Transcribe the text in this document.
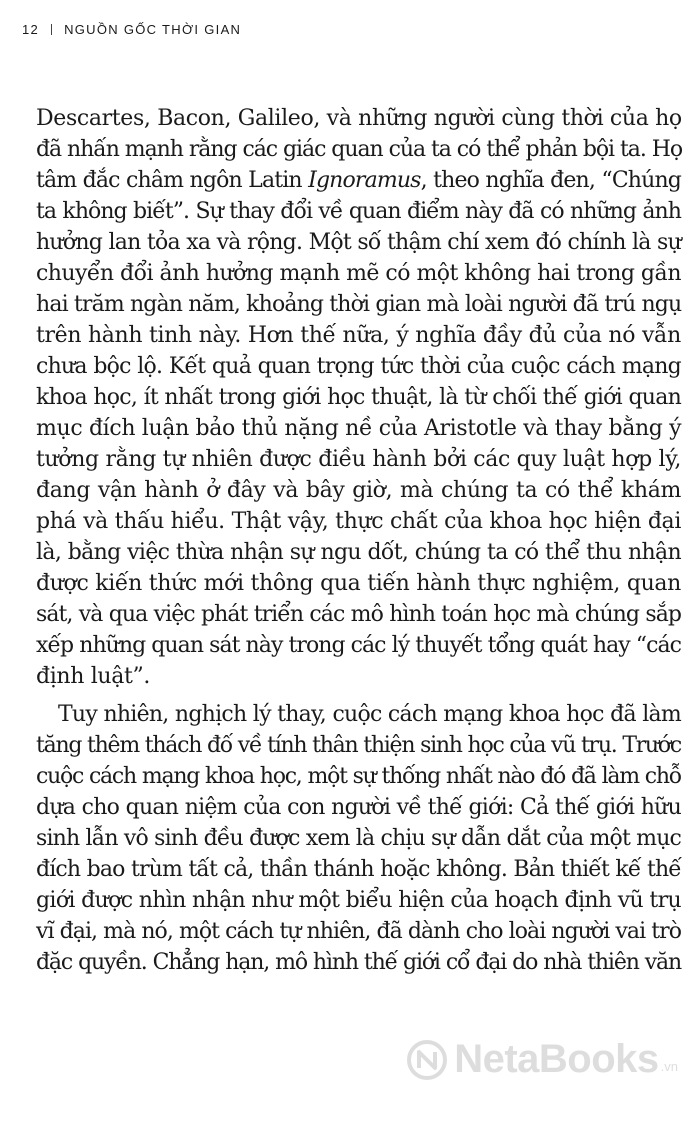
12 NGUỒN GỐC THỜI GIAN
Descartes, Bacon, Galileo, và những người cùng thời của họ
đã nhấn mạnh rằng các giác quan của ta có thể phản bội ta. Họ
tâm đắc châm ngôn Latin Ignoramus, theo nghĩa đen, “Chúng
ta không biết”. Sự thay đổi về quan điểm này đã có những ảnh
hưởng lan tỏa xa và rộng. Một số thậm chí xem đó chính là sự
chuyển đổi ảnh hưởng mạnh mẽ có một không hai trong gần
hai trăm ngàn năm, khoảng thời gian mà loài người đã trú ngụ
trên hành tinh này. Hơn thế nữa, ý nghĩa đầy đủ của nó vẫn
chưa bộc lộ. Kết quả quan trọng tức thời của cuộc cách mạng
khoa học, ít nhất trong giới học thuật, là từ chối thế giới quan
mục đích luận bảo thủ nặng nề của Aristotle và thay bằng ý
tưởng rằng tự nhiên được điều hành bởi các quy luật hợp lý,
đang vận hành ở đây và bây giờ, mà chúng ta có thể khám
phá và thấu hiểu. Thật vậy, thực chất của khoa học hiện đại
là, bằng việc thừa nhận sự ngu dốt, chúng ta có thể thu nhận
được kiến thức mới thông qua tiến hành thực nghiệm, quan
sát, và qua việc phát triển các mô hình toán học mà chúng sắp
xếp những quan sát này trong các lý thuyết tổng quát hay “các
định luật”.
Tuy nhiên, nghịch lý thay, cuộc cách mạng khoa học đã làm
tăng thêm thách đố về tính thân thiện sinh học của vũ trụ. Trước
cuộc cách mạng khoa học, một sự thống nhất nào đó đã làm chỗ
dựa cho quan niệm của con người về thế giới: Cả thế giới hữu
sinh lẫn vô sinh đều được xem là chịu sự dẫn dắt của một mục
đích bao trùm tất cả, thần thánh hoặc không. Bản thiết kế thế
giới được nhìn nhận như một biểu hiện của hoạch định vũ trụ
vĩ đại, mà nó, một cách tự nhiên, đã dành cho loài người vai trò
đặc quyền. Chẳng hạn, mô hình thế giới cổ đại do nhà thiên văn
NetaBooks .vn
